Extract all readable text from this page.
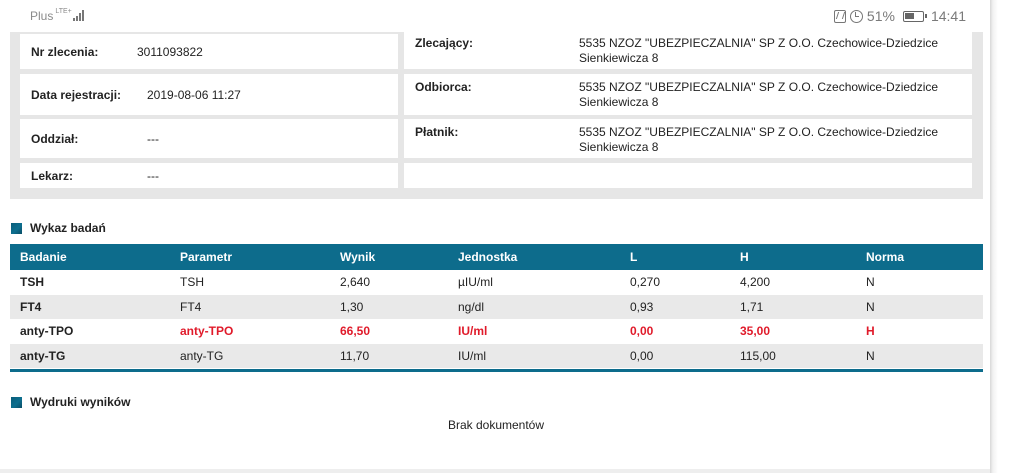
Plus LTE+	51%	14:41
Nr zlecenia:	3011093822
Data rejestracji: 2019-08-06 11:27
Oddział:	---
Lekarz:	---
Zlecający:	5535 NZOZ "UBEZPIECZALNIA" SP Z O.O. Czechowice-Dziedzice
Sienkiewicza 8
Odbiorca:	5535 NZOZ "UBEZPIECZALNIA" SP Z O.O. Czechowice-Dziedzice
Sienkiewicza 8
Płatnik:	5535 NZOZ "UBEZPIECZALNIA" SP Z O.O. Czechowice-Dziedzice
Sienkiewicza 8
Wykaz badań
Badanie	Parametr	Wynik	Jednostka	L	H	Norma
TSH	TSH	2,640	µIU/ml	0,270	4,200	N
FT4	FT4	1,30	ng/dl	0,93	1,71	N
anty-TPO	anty-TPO	66,50	IU/ml	0,00	35,00	H
anty-TG	anty-TG	11,70	IU/ml	0,00	115,00	N
Wydruki wyników
Brak dokumentów
